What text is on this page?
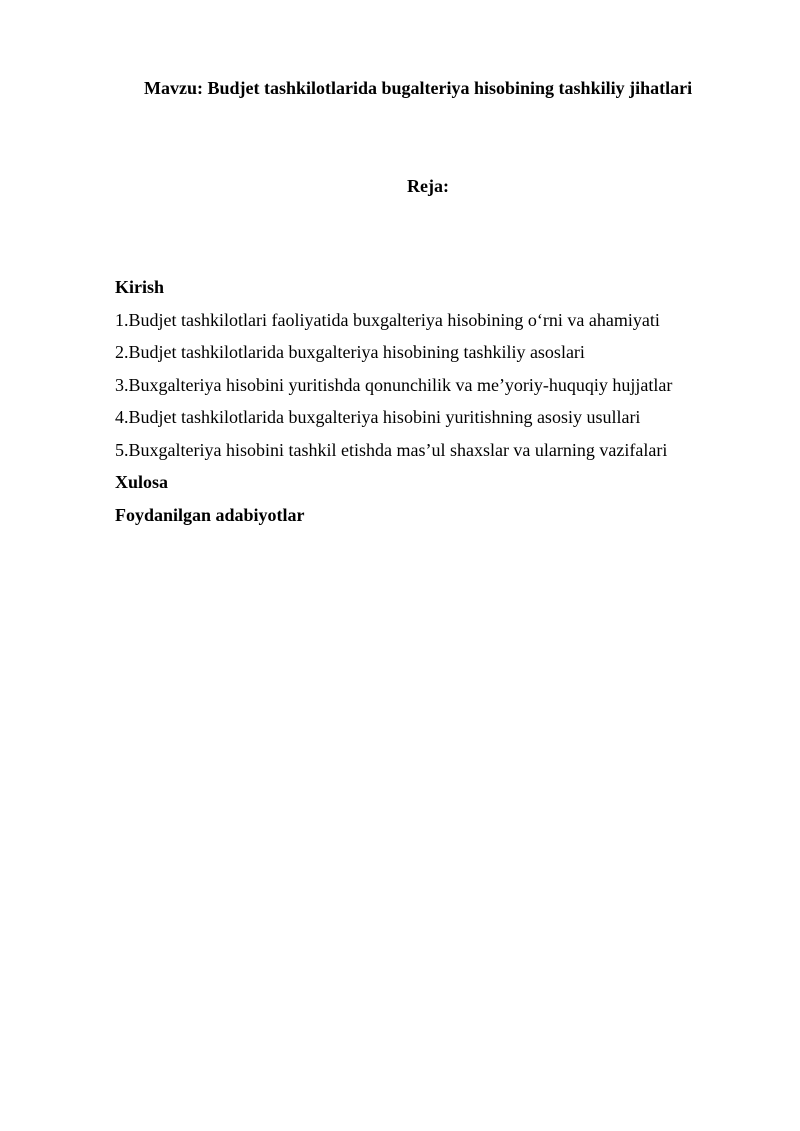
Mavzu: Budjet tashkilotlarida bugalteriya hisobining tashkiliy jihatlari
Reja:
Kirish
1.Budjet tashkilotlari faoliyatida buxgalteriya hisobining o‘rni va ahamiyati
2.Budjet tashkilotlarida buxgalteriya hisobining tashkiliy asoslari
3.Buxgalteriya hisobini yuritishda qonunchilik va me’yoriy-huquqiy hujjatlar
4.Budjet tashkilotlarida buxgalteriya hisobini yuritishning asosiy usullari
5.Buxgalteriya hisobini tashkil etishda mas’ul shaxslar va ularning vazifalari
Xulosa
Foydanilgan adabiyotlar
